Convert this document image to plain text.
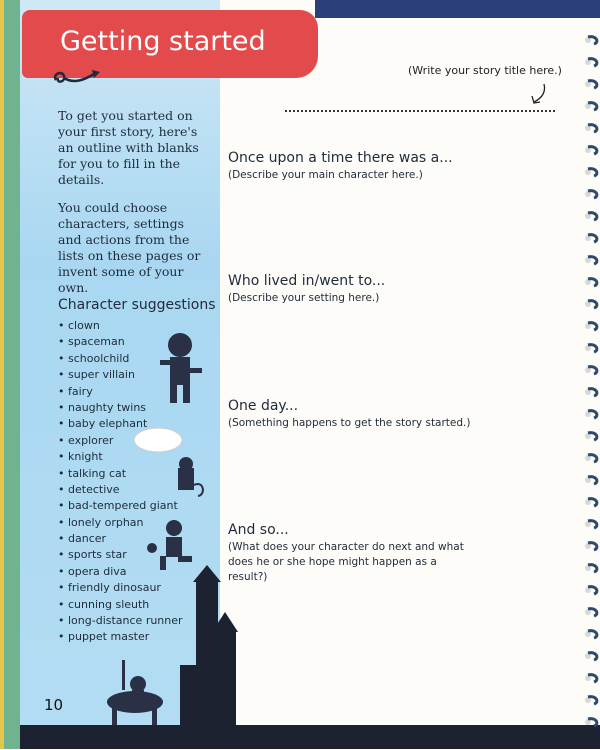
Getting started

To get you started on your first story, here's an outline with blanks for you to fill in the details.

You could choose characters, settings and actions from the lists on these pages or invent some of your own.

Character suggestions
• clown
• spaceman
• schoolchild
• super villain
• fairy
• naughty twins
• baby elephant
• explorer
• knight
• talking cat
• detective
• bad-tempered giant
• lonely orphan
• dancer
• sports star
• opera diva
• friendly dinosaur
• cunning sleuth
• long-distance runner
• puppet master
(Write your story title here.)

Once upon a time there was a...

(Describe your main character here.)

Who lived in/went to...

(Describe your setting here.)

One day...

(Something happens to get the story started.)

And so...

(What does your character do next and what does he or she hope might happen as a result?)

10
